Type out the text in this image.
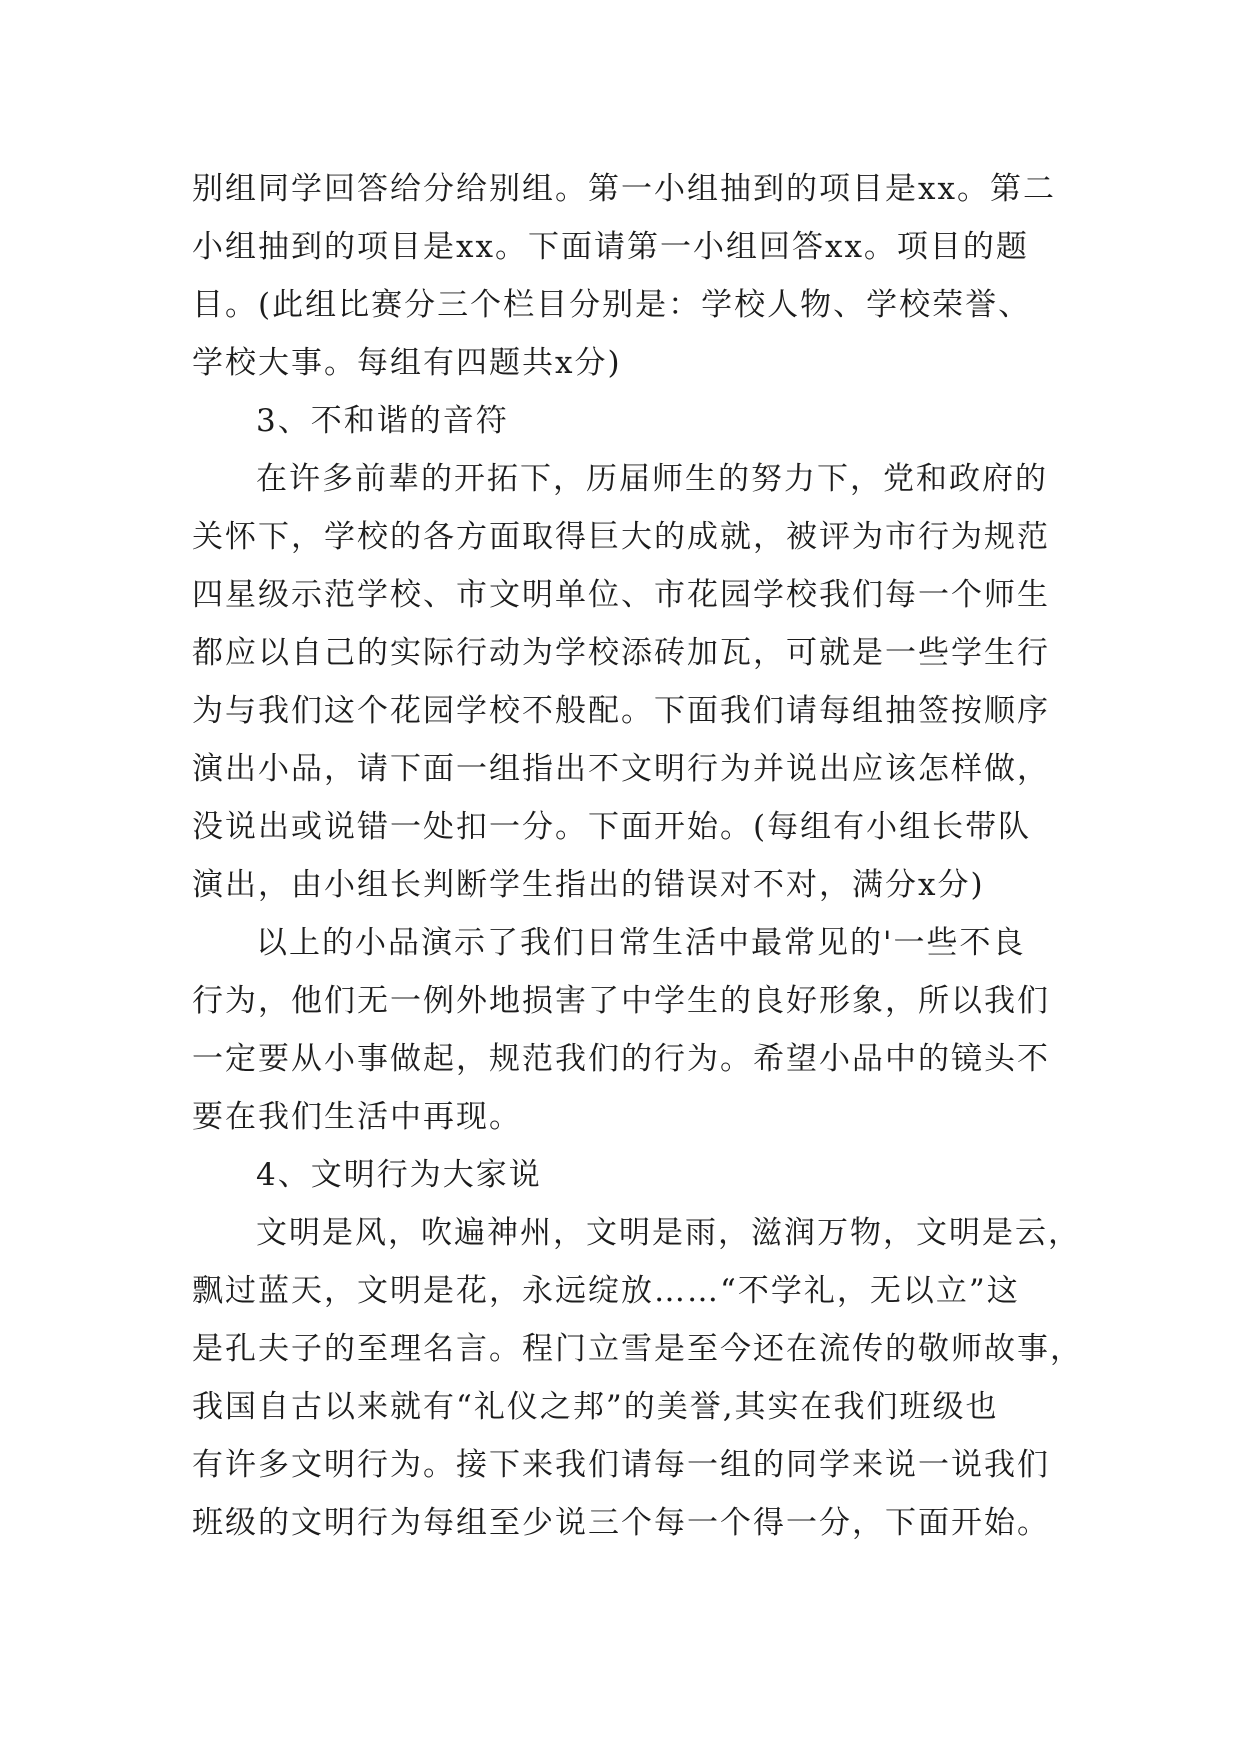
别组同学回答给分给别组。第一小组抽到的项目是xx。第二
小组抽到的项目是xx。下面请第一小组回答xx。项目的题
目。(此组比赛分三个栏目分别是：学校人物、学校荣誉、
学校大事。每组有四题共x分)
3、不和谐的音符
在许多前辈的开拓下，历届师生的努力下，党和政府的
关怀下，学校的各方面取得巨大的成就，被评为市行为规范
四星级示范学校、市文明单位、市花园学校我们每一个师生
都应以自己的实际行动为学校添砖加瓦，可就是一些学生行
为与我们这个花园学校不般配。下面我们请每组抽签按顺序
演出小品，请下面一组指出不文明行为并说出应该怎样做，
没说出或说错一处扣一分。下面开始。(每组有小组长带队
演出，由小组长判断学生指出的错误对不对，满分x分)
以上的小品演示了我们日常生活中最常见的'一些不良
行为，他们无一例外地损害了中学生的良好形象，所以我们
一定要从小事做起，规范我们的行为。希望小品中的镜头不
要在我们生活中再现。
4、文明行为大家说
文明是风，吹遍神州，文明是雨，滋润万物，文明是云，
飘过蓝天，文明是花，永远绽放……“不学礼，无以立”这
是孔夫子的至理名言。程门立雪是至今还在流传的敬师故事，
我国自古以来就有“礼仪之邦”的美誉,其实在我们班级也
有许多文明行为。接下来我们请每一组的同学来说一说我们
班级的文明行为每组至少说三个每一个得一分，下面开始。
